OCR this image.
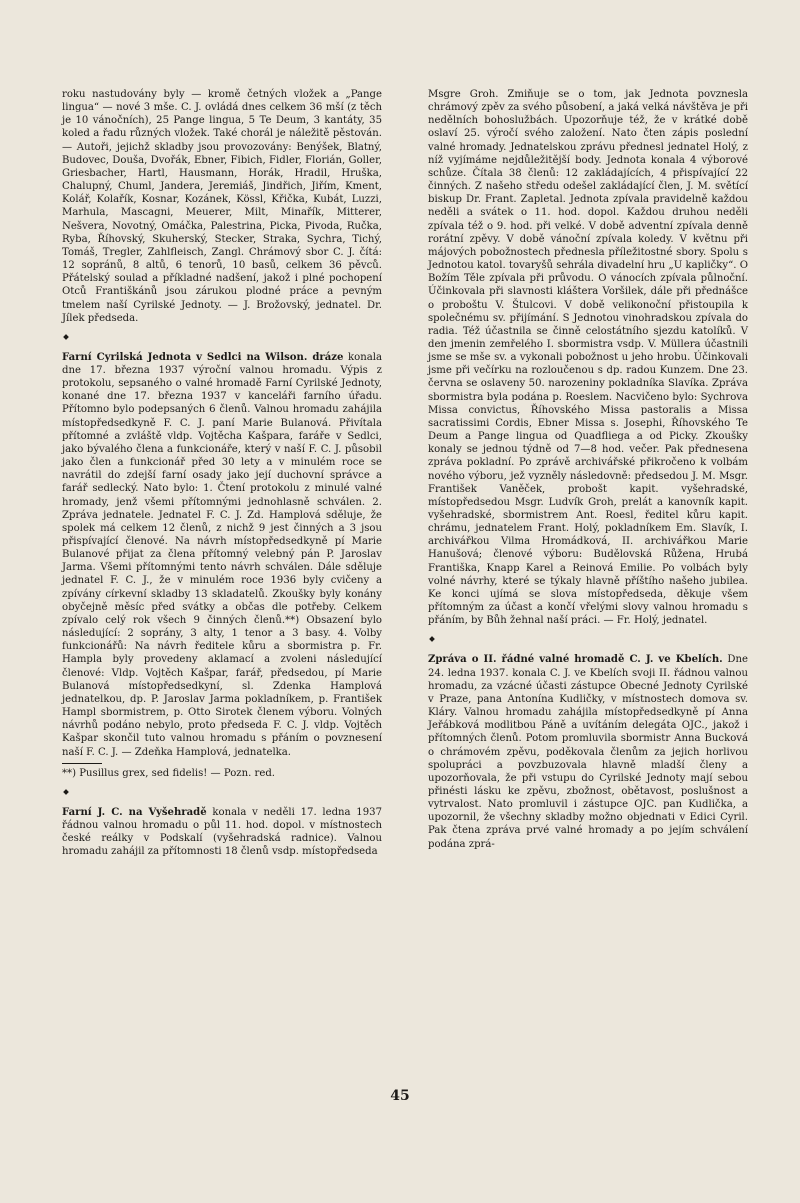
roku nastudovány byly — kromě četných vložek a „Pange lingua“ — nové 3 mše. C. J. ovládá dnes celkem 36 mší (z těch je 10 vánočních), 25 Pange lingua, 5 Te Deum, 3 kantáty, 35 koled a řadu různých vložek. Také chorál je náležitě pěstován. — Autoři, jejichž skladby jsou provozovány: Benýšek, Blatný, Budovec, Douša, Dvořák, Ebner, Fibich, Fidler, Florián, Goller, Griesbacher, Hartl, Hausmann, Horák, Hradil, Hruška, Chalupný, Chuml, Jandera, Jeremiáš, Jindřich, Jiřím, Kment, Kolář, Kolařík, Kosnar, Kozánek, Kössl, Křička, Kubát, Luzzi, Marhula, Mascagni, Meuerer, Milt, Minařík, Mitterer, Nešvera, Novotný, Omáčka, Palestrina, Picka, Pivoda, Ručka, Ryba, Říhovský, Skuherský, Stecker, Straka, Sychra, Tichý, Tomáš, Tregler, Zahlfleisch, Zangl. Chrámový sbor C. J. čítá: 12 sopránů, 8 altů, 6 tenorů, 10 basů, celkem 36 pěvců. Přátelský soulad a příkladné nadšení, jakož i plné pochopení Otců Františkánů jsou zárukou plodné práce a pevným tmelem naší Cyrilské Jednoty. — J. Brožovský, jednatel. Dr. Jílek předseda.

Farní Cyrilská Jednota v Sedlci na Wilson. dráze konala dne 17. března 1937 výroční valnou hromadu. Výpis z protokolu, sepsaného o valné hromadě Farní Cyrilské Jednoty, konané dne 17. března 1937 v kanceláři farního úřadu. Přítomno bylo podepsaných 6 členů. Valnou hromadu zahájila místopředsedkyně F. C. J. paní Marie Bulanová. Přivítala přítomné a zvláště vldp. Vojtěcha Kašpara, faráře v Sedlci, jako bývalého člena a funkcionáře, který v naší F. C. J. působil jako člen a funkcionář před 30 lety a v minulém roce se navrátil do zdejší farní osady jako její duchovní správce a farář sedlecký. Nato bylo: 1. Čtení protokolu z minulé valné hromady, jenž všemi přítomnými jednohlasně schválen. 2. Zpráva jednatele. Jednatel F. C. J. Zd. Hamplová sděluje, že spolek má celkem 12 členů, z nichž 9 jest činných a 3 jsou přispívající členové. Na návrh místopředsedkyně pí Marie Bulanové přijat za člena přítomný velebný pán P. Jaroslav Jarma. Všemi přítomnými tento návrh schválen. Dále sděluje jednatel F. C. J., že v minulém roce 1936 byly cvičeny a zpívány církevní skladby 13 skladatelů. Zkoušky byly konány obyčejně měsíc před svátky a občas dle potřeby. Celkem zpívalo celý rok všech 9 činných členů.**) Obsazení bylo následující: 2 soprány, 3 alty, 1 tenor a 3 basy. 4. Volby funkcionářů: Na návrh ředitele kůru a sbormistra p. Fr. Hampla byly provedeny aklamací a zvoleni následující členové: Vldp. Vojtěch Kašpar, farář, předsedou, pí Marie Bulanová místopředsedkyní, sl. Zdenka Hamplová jednatelkou, dp. P. Jaroslav Jarma pokladníkem, p. František Hampl sbormistrem, p. Otto Sirotek členem výboru. Volných návrhů podáno nebylo, proto předseda F. C. J. vldp. Vojtěch Kašpar skončil tuto valnou hromadu s přáním o povznesení naší F. C. J. — Zdeňka Hamplová, jednatelka.

**) Pusillus grex, sed fidelis! — Pozn. red.

Farní J. C. na Vyšehradě konala v neděli 17. ledna 1937 řádnou valnou hromadu o půl 11. hod. dopol. v místnostech české reálky v Podskalí (vyšehradská radnice). Valnou hromadu zahájil za přítomnosti 18 členů vsdp. místopředseda

Msgre Groh. Zmiňuje se o tom, jak Jednota povznesla chrámový zpěv za svého působení, a jaká velká návštěva je při nedělních bohoslužbách. Upozorňuje též, že v krátké době oslaví 25. výročí svého založení. Nato čten zápis poslední valné hromady. Jednatelskou zprávu přednesl jednatel Holý, z níž vyjímáme nejdůležitější body. Jednota konala 4 výborové schůze. Čítala 38 členů: 12 zakládajících, 4 přispívající 22 činných. Z našeho středu odešel zakládající člen, J. M. světící biskup Dr. Frant. Zapletal. Jednota zpívala pravidelně každou neděli a svátek o 11. hod. dopol. Každou druhou neděli zpívala též o 9. hod. při velké. V době adventní zpívala denně rorátní zpěvy. V době vánoční zpívala koledy. V květnu při májových pobožnostech přednesla příležitostné sbory. Spolu s Jednotou katol. tovaryšů sehrála divadelní hru „U kapličky“. O Božím Těle zpívala při průvodu. O vánocích zpívala půlnoční. Účinkovala při slavnosti kláštera Voršilek, dále při přednášce o proboštu V. Štulcovi. V době velikonoční přistoupila k společnému sv. přijímání. S Jednotou vinohradskou zpívala do radia. Též účastnila se činně celostátního sjezdu katolíků. V den jmenin zemřelého I. sbormistra vsdp. V. Müllera účastnili jsme se mše sv. a vykonali pobožnost u jeho hrobu. Účinkovali jsme při večírku na rozloučenou s dp. radou Kunzem. Dne 23. června se oslaveny 50. narozeniny pokladníka Slavíka. Zpráva sbormistra byla podána p. Roeslem. Nacvičeno bylo: Sychrova Missa convictus, Říhovského Missa pastoralis a Missa sacratissimi Cordis, Ebner Missa s. Josephi, Říhovského Te Deum a Pange lingua od Quadfliega a od Picky. Zkoušky konaly se jednou týdně od 7—8 hod. večer. Pak přednesena zpráva pokladní. Po zprávě archivářské přikročeno k volbám nového výboru, jež vyzněly následovně: předsedou J. M. Msgr. František Vaněček, probošt kapit. vyšehradské, místopředsedou Msgr. Ludvík Groh, prelát a kanovník kapit. vyšehradské, sbormistrem Ant. Roesl, ředitel kůru kapit. chrámu, jednatelem Frant. Holý, pokladníkem Em. Slavík, I. archivářkou Vilma Hromádková, II. archivářkou Marie Hanušová; členové výboru: Budělovská Růžena, Hrubá Františka, Knapp Karel a Reinová Emilie. Po volbách byly volné návrhy, které se týkaly hlavně příštího našeho jubilea. Ke konci ujímá se slova místopředseda, děkuje všem přítomným za účast a končí vřelými slovy valnou hromadu s přáním, by Bůh žehnal naší práci. — Fr. Holý, jednatel.

Zpráva o II. řádné valné hromadě C. J. ve Kbelích. Dne 24. ledna 1937. konala C. J. ve Kbelích svoji II. řádnou valnou hromadu, za vzácné účasti zástupce Obecné Jednoty Cyrilské v Praze, pana Antonína Kudličky, v místnostech domova sv. Kláry. Valnou hromadu zahájila místopředsedkyně pí Anna Jeřábková modlitbou Páně a uvítáním delegáta OJC., jakož i přítomných členů. Potom promluvila sbormistr Anna Bucková o chrámovém zpěvu, poděkovala členům za jejich horlivou spolupráci a povzbuzovala hlavně mladší členy a upozorňovala, že při vstupu do Cyrilské Jednoty mají sebou přinésti lásku ke zpěvu, zbožnost, obětavost, poslušnost a vytrvalost. Nato promluvil i zástupce OJC. pan Kudlička, a upozornil, že všechny skladby možno objednati v Edici Cyril. Pak čtena zpráva prvé valné hromady a po jejím schválení podána zprá-

45
